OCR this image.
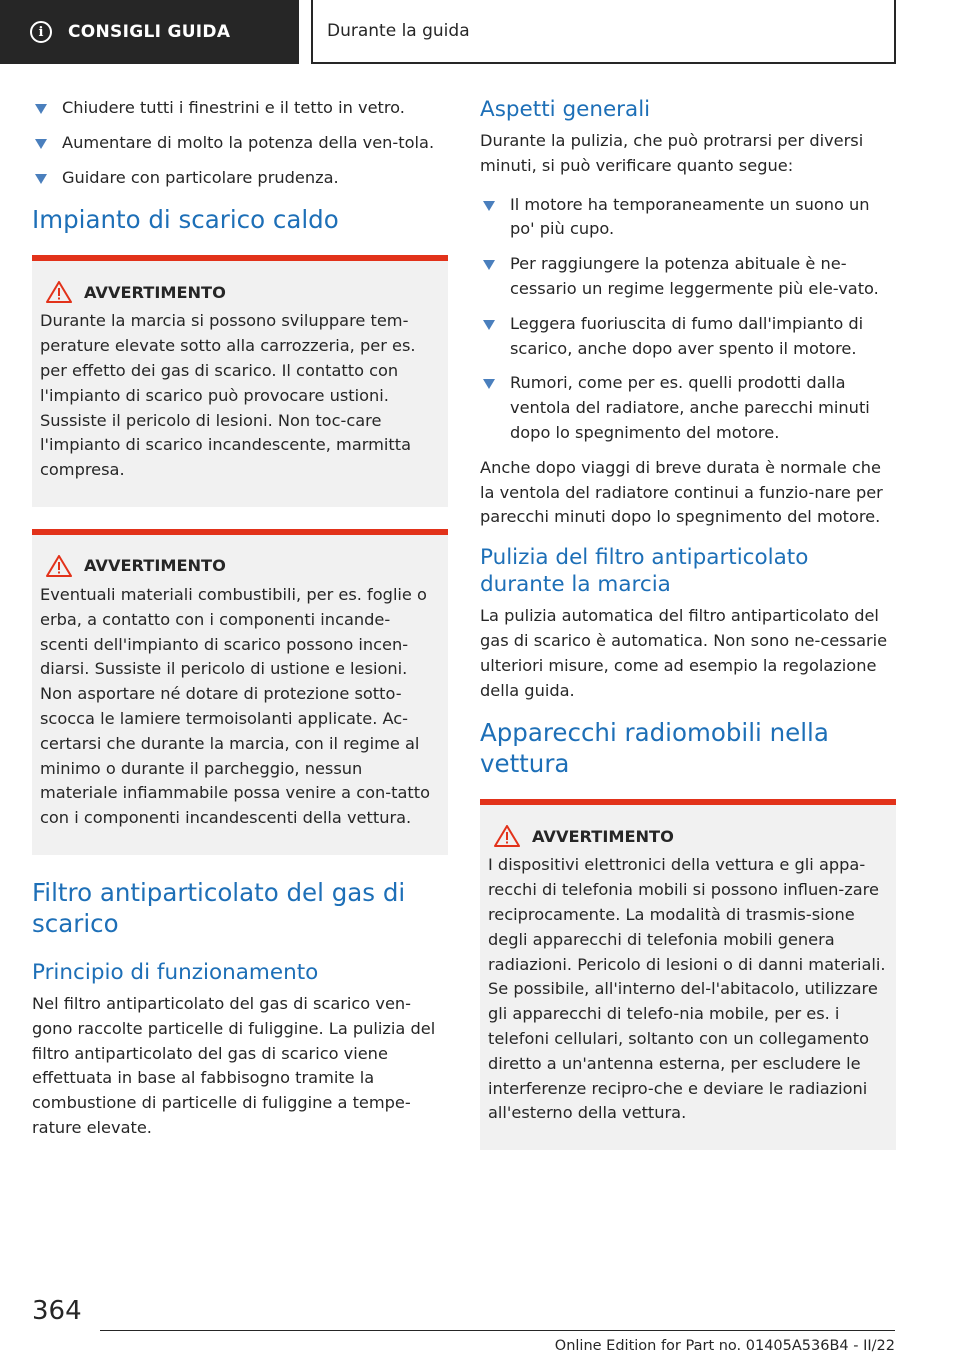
i	CONSIGLI GUIDA	Durante la guida
Chiudere tutti i finestrini e il tetto in vetro.
Aumentare di molto la potenza della ven-tola.
Guidare con particolare prudenza.
Impianto di scarico caldo
AVVERTIMENTO

Durante la marcia si possono sviluppare tem-perature elevate sotto alla carrozzeria, per es. per effetto dei gas di scarico. Il contatto con l'impianto di scarico può provocare ustioni. Sussiste il pericolo di lesioni. Non toc-care l'impianto di scarico incandescente, marmitta compresa.

AVVERTIMENTO

Eventuali materiali combustibili, per es. foglie o erba, a contatto con i componenti incande-scenti dell'impianto di scarico possono incen-diarsi. Sussiste il pericolo di ustione e lesioni. Non asportare né dotare di protezione sotto-scocca le lamiere termoisolanti applicate. Ac-certarsi che durante la marcia, con il regime al minimo o durante il parcheggio, nessun materiale infiammabile possa venire a con-tatto con i componenti incandescenti della vettura.

Filtro antiparticolato del gas di scarico
Principio di funzionamento

Nel filtro antiparticolato del gas di scarico ven-gono raccolte particelle di fuliggine. La pulizia del filtro antiparticolato del gas di scarico viene effettuata in base al fabbisogno tramite la combustione di particelle di fuliggine a tempe-rature elevate.

Aspetti generali

Durante la pulizia, che può protrarsi per diversi minuti, si può verificare quanto segue:

Il motore ha temporaneamente un suono un po' più cupo.
Per raggiungere la potenza abituale è ne-cessario un regime leggermente più ele-vato.
Leggera fuoriuscita di fumo dall'impianto di scarico, anche dopo aver spento il motore.
Rumori, come per es. quelli prodotti dalla ventola del radiatore, anche parecchi minuti dopo lo spegnimento del motore.

Anche dopo viaggi di breve durata è normale che la ventola del radiatore continui a funzio-nare per parecchi minuti dopo lo spegnimento del motore.

Pulizia del filtro antiparticolato durante la marcia

La pulizia automatica del filtro antiparticolato del gas di scarico è automatica. Non sono ne-cessarie ulteriori misure, come ad esempio la regolazione della guida.

Apparecchi radiomobili nella vettura
AVVERTIMENTO

I dispositivi elettronici della vettura e gli appa-recchi di telefonia mobili si possono influen-zare reciprocamente. La modalità di trasmis-sione degli apparecchi di telefonia mobili genera radiazioni. Pericolo di lesioni o di danni materiali. Se possibile, all'interno del-l'abitacolo, utilizzare gli apparecchi di telefo-nia mobile, per es. i telefoni cellulari, soltanto con un collegamento diretto a un'antenna esterna, per escludere le interferenze recipro-che e deviare le radiazioni all'esterno della vettura.

364
Online Edition for Part no. 01405A536B4 - II/22
